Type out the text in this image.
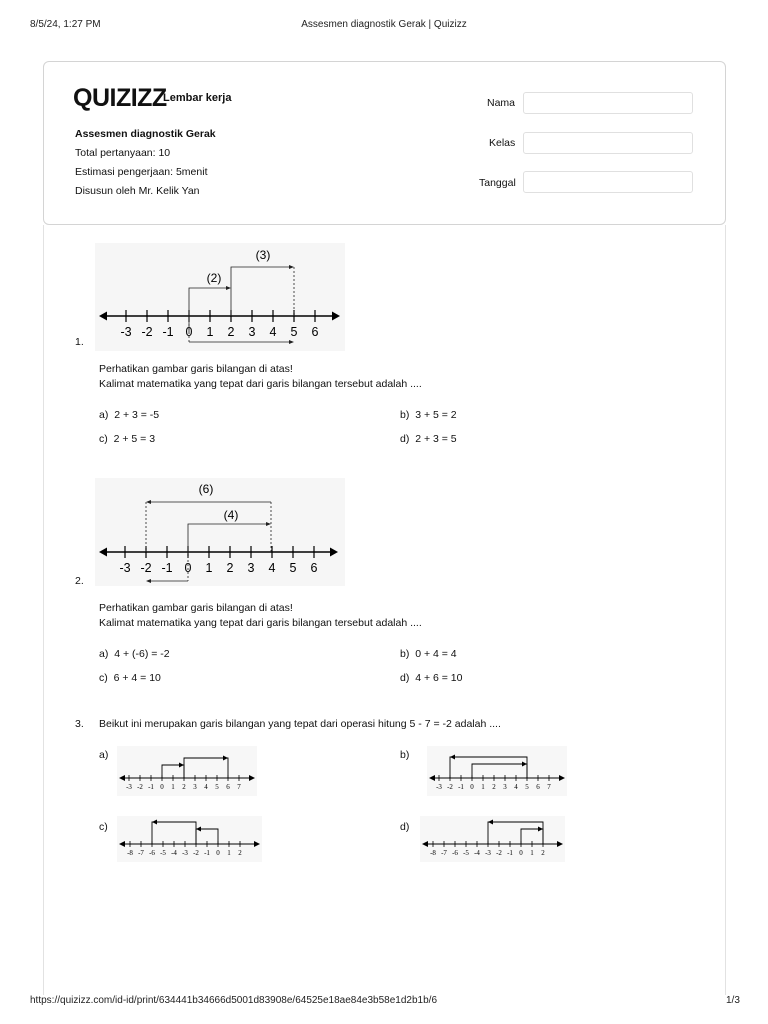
8/5/24, 1:27 PM	Assesmen diagnostik Gerak | Quizizz
QUIZIZZ
Lembar kerja
Assesmen diagnostik Gerak
Total pertanyaan: 10
Estimasi pengerjaan: 5menit
Disusun oleh Mr. Kelik Yan
Nama
Kelas
Tanggal
-3 -2 -1 0 1 2 3 4 5 6
(2)
(3)
1.
Perhatikan gambar garis bilangan di atas!
Kalimat matematika yang tepat dari garis bilangan tersebut adalah ....
a) 2 + 3 = -5	b) 3 + 5 = 2
c) 2 + 5 = 3	d) 2 + 3 = 5
-3 -2 -1 0 1 2 3 4 5 6
(6)
(4)
2.
Perhatikan gambar garis bilangan di atas!
Kalimat matematika yang tepat dari garis bilangan tersebut adalah ....
a) 4 + (-6) = -2	b) 0 + 4 = 4
c) 6 + 4 = 10	d) 4 + 6 = 10
3. Beikut ini merupakan garis bilangan yang tepat dari operasi hitung 5 - 7 = -2 adalah ....
a)	b)
c)	d)
-3 -2 -1 0 1 2 3 4 5 6 7	-3 -2 -1 0 1 2 3 4 5 6 7
-8 -7 -6 -5 -4 -3 -2 -1 0 1 2	-8 -7 -6 -5 -4 -3 -2 -1 0 1 2
https://quizizz.com/id-id/print/634441b34666d5001d83908e/64525e18ae84e3b58e1d2b1b/6	1/3
